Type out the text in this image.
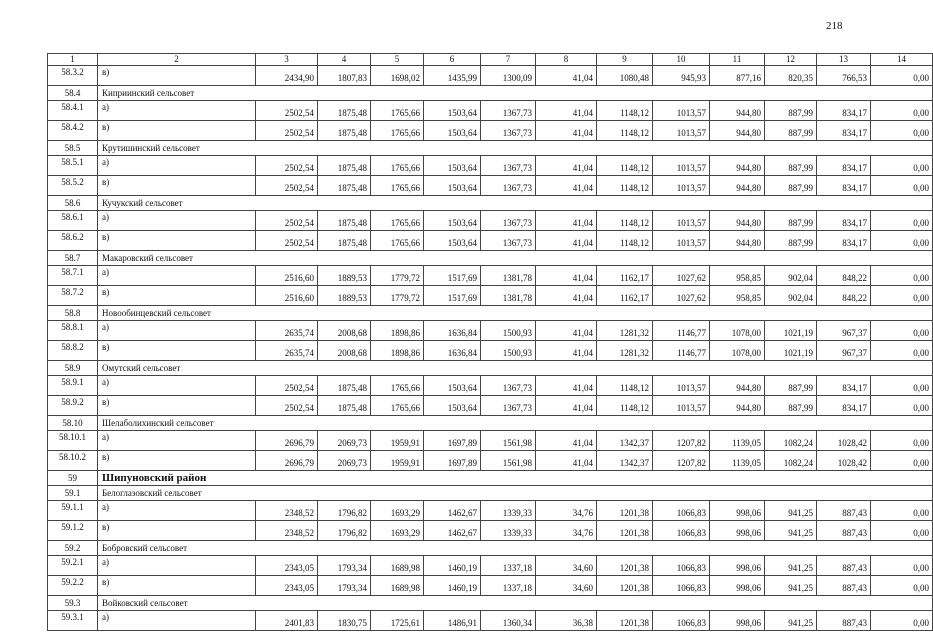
218
1	2	3	4	5	6	7	8	9	10	11	12	13	14
58.3.2	в)	2434,90	1807,83	1698,02	1435,99	1300,09	41,04	1080,48	945,93	877,16	820,35	766,53	0,00
58.4	Киприинский сельсовет												
58.4.1	а)	2502,54	1875,48	1765,66	1503,64	1367,73	41,04	1148,12	1013,57	944,80	887,99	834,17	0,00
58.4.2	в)	2502,54	1875,48	1765,66	1503,64	1367,73	41,04	1148,12	1013,57	944,80	887,99	834,17	0,00
58.5	Крутишинский сельсовет												
58.5.1	а)	2502,54	1875,48	1765,66	1503,64	1367,73	41,04	1148,12	1013,57	944,80	887,99	834,17	0,00
58.5.2	в)	2502,54	1875,48	1765,66	1503,64	1367,73	41,04	1148,12	1013,57	944,80	887,99	834,17	0,00
58.6	Кучукский сельсовет												
58.6.1	а)	2502,54	1875,48	1765,66	1503,64	1367,73	41,04	1148,12	1013,57	944,80	887,99	834,17	0,00
58.6.2	в)	2502,54	1875,48	1765,66	1503,64	1367,73	41,04	1148,12	1013,57	944,80	887,99	834,17	0,00
58.7	Макаровский сельсовет												
58.7.1	а)	2516,60	1889,53	1779,72	1517,69	1381,78	41,04	1162,17	1027,62	958,85	902,04	848,22	0,00
58.7.2	в)	2516,60	1889,53	1779,72	1517,69	1381,78	41,04	1162,17	1027,62	958,85	902,04	848,22	0,00
58.8	Новообинцевский сельсовет												
58.8.1	а)	2635,74	2008,68	1898,86	1636,84	1500,93	41,04	1281,32	1146,77	1078,00	1021,19	967,37	0,00
58.8.2	в)	2635,74	2008,68	1898,86	1636,84	1500,93	41,04	1281,32	1146,77	1078,00	1021,19	967,37	0,00
58.9	Омутский сельсовет												
58.9.1	а)	2502,54	1875,48	1765,66	1503,64	1367,73	41,04	1148,12	1013,57	944,80	887,99	834,17	0,00
58.9.2	в)	2502,54	1875,48	1765,66	1503,64	1367,73	41,04	1148,12	1013,57	944,80	887,99	834,17	0,00
58.10	Шелаболихинский сельсовет												
58.10.1	а)	2696,79	2069,73	1959,91	1697,89	1561,98	41,04	1342,37	1207,82	1139,05	1082,24	1028,42	0,00
58.10.2	в)	2696,79	2069,73	1959,91	1697,89	1561,98	41,04	1342,37	1207,82	1139,05	1082,24	1028,42	0,00
59	Шипуновский район												
59.1	Белоглазовский сельсовет												
59.1.1	а)	2348,52	1796,82	1693,29	1462,67	1339,33	34,76	1201,38	1066,83	998,06	941,25	887,43	0,00
59.1.2	в)	2348,52	1796,82	1693,29	1462,67	1339,33	34,76	1201,38	1066,83	998,06	941,25	887,43	0,00
59.2	Бобровский сельсовет												
59.2.1	а)	2343,05	1793,34	1689,98	1460,19	1337,18	34,60	1201,38	1066,83	998,06	941,25	887,43	0,00
59.2.2	в)	2343,05	1793,34	1689,98	1460,19	1337,18	34,60	1201,38	1066,83	998,06	941,25	887,43	0,00
59.3	Войковский сельсовет												
59.3.1	а)	2401,83	1830,75	1725,61	1486,91	1360,34	36,38	1201,38	1066,83	998,06	941,25	887,43	0,00
